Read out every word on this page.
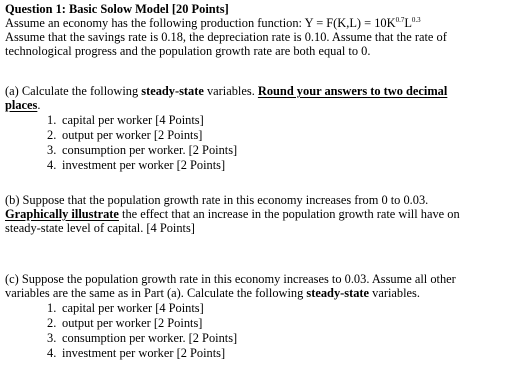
Question 1: Basic Solow Model [20 Points]
Assume an economy has the following production function: $Y = F(K,L) = 10K^{0.7}L^{0.3}$
Assume that the savings rate is 0.18, the depreciation rate is 0.10. Assume that the rate of
technological progress and the population growth rate are both equal to 0.
(a) Calculate the following steady-state variables. Round your answers to two decimal
places.
1. capital per worker [4 Points]
2. output per worker [2 Points]
3. consumption per worker. [2 Points]
4. investment per worker [2 Points]
(b) Suppose that the population growth rate in this economy increases from 0 to 0.03.
Graphically illustrate the effect that an increase in the population growth rate will have on
steady-state level of capital. [4 Points]
(c) Suppose the population growth rate in this economy increases to 0.03. Assume all other
variables are the same as in Part (a). Calculate the following steady-state variables.
1. capital per worker [4 Points]
2. output per worker [2 Points]
3. consumption per worker. [2 Points]
4. investment per worker [2 Points]
